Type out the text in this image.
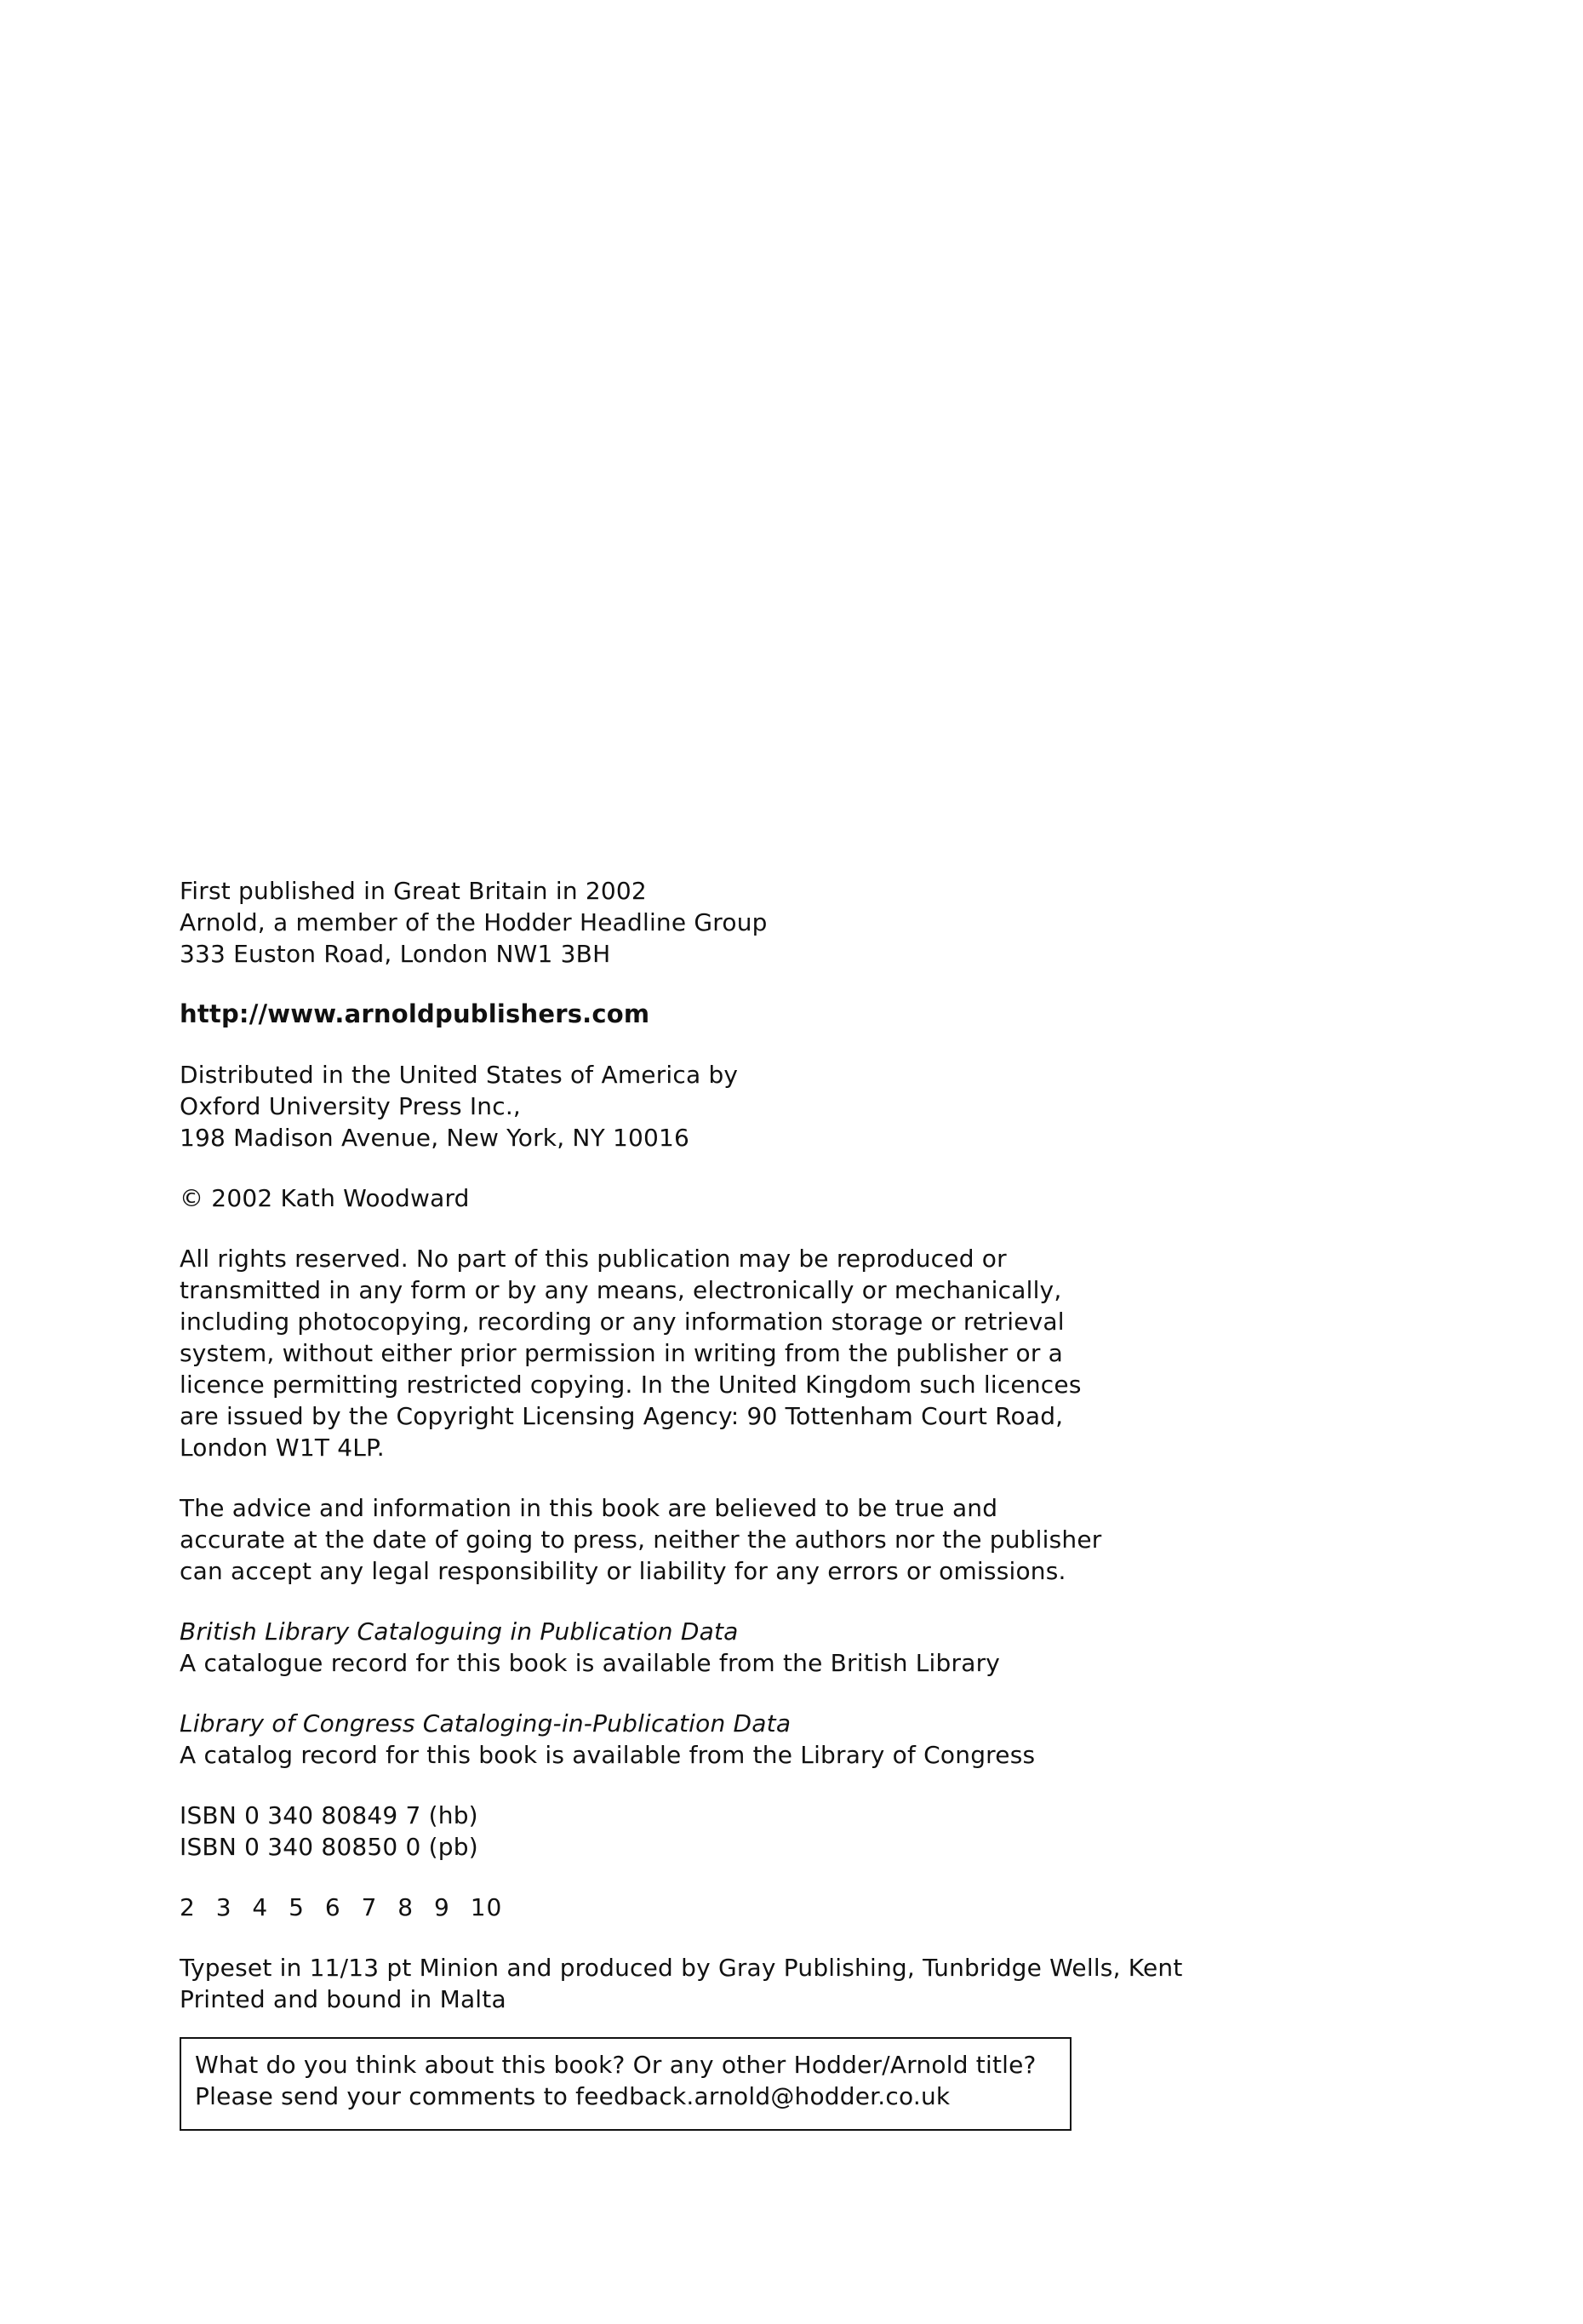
First published in Great Britain in 2002
Arnold, a member of the Hodder Headline Group
333 Euston Road, London NW1 3BH
http://www.arnoldpublishers.com
Distributed in the United States of America by
Oxford University Press Inc.,
198 Madison Avenue, New York, NY 10016
© 2002 Kath Woodward
All rights reserved. No part of this publication may be reproduced or
transmitted in any form or by any means, electronically or mechanically,
including photocopying, recording or any information storage or retrieval
system, without either prior permission in writing from the publisher or a
licence permitting restricted copying. In the United Kingdom such licences
are issued by the Copyright Licensing Agency: 90 Tottenham Court Road,
London W1T 4LP.
The advice and information in this book are believed to be true and
accurate at the date of going to press, neither the authors nor the publisher
can accept any legal responsibility or liability for any errors or omissions.
British Library Cataloguing in Publication Data
A catalogue record for this book is available from the British Library
Library of Congress Cataloging-in-Publication Data
A catalog record for this book is available from the Library of Congress
ISBN 0 340 80849 7 (hb)
ISBN 0 340 80850 0 (pb)
2 3 4 5 6 7 8 9 10
Typeset in 11/13 pt Minion and produced by Gray Publishing, Tunbridge Wells, Kent
Printed and bound in Malta
What do you think about this book? Or any other Hodder/Arnold title?
Please send your comments to feedback.arnold@hodder.co.uk
